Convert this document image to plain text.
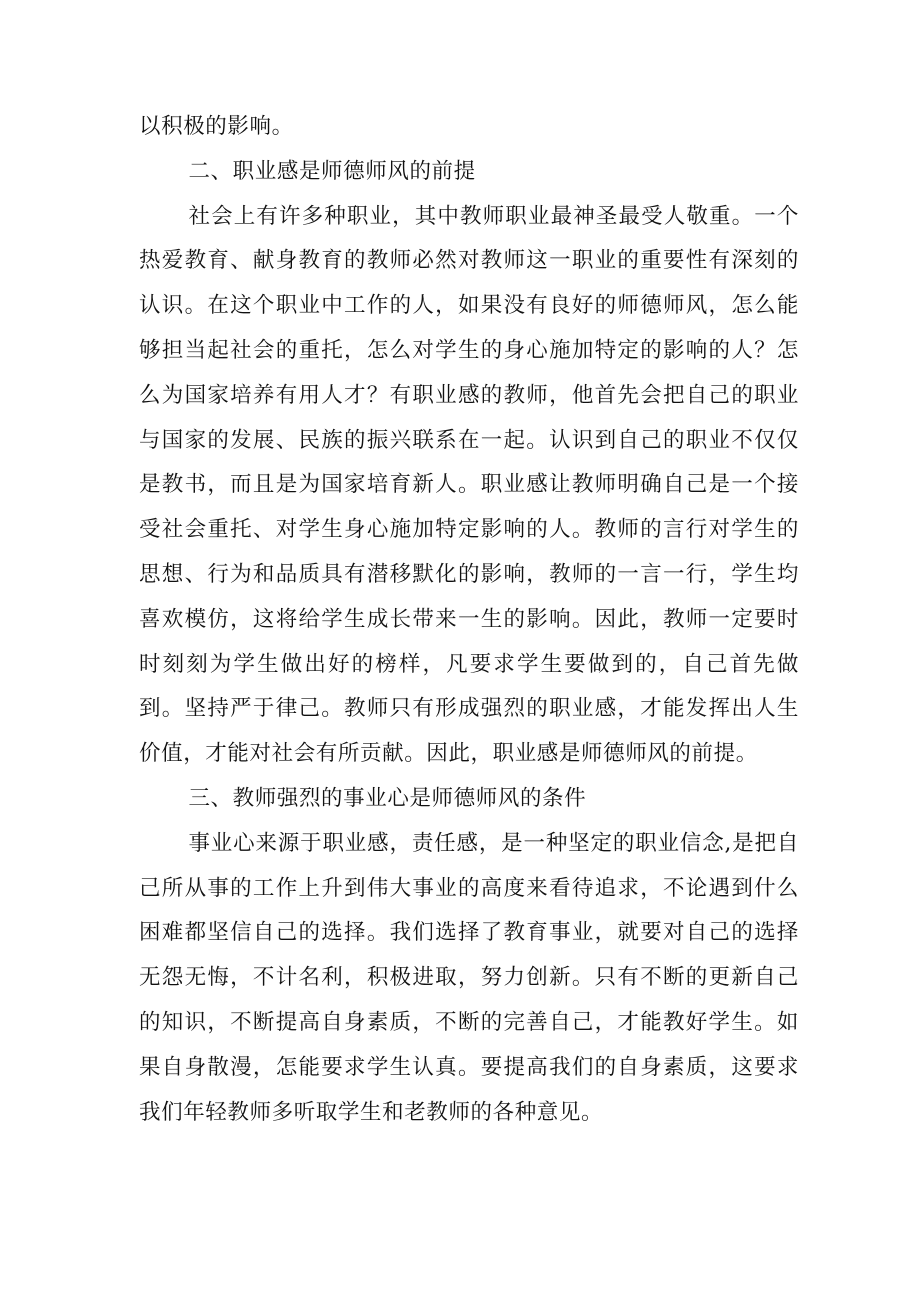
以积极的影响。

二、职业感是师德师风的前提

社会上有许多种职业，其中教师职业最神圣最受人敬重。一个热爱教育、献身教育的教师必然对教师这一职业的重要性有深刻的认识。在这个职业中工作的人，如果没有良好的师德师风，怎么能够担当起社会的重托，怎么对学生的身心施加特定的影响的人？怎么为国家培养有用人才？有职业感的教师，他首先会把自己的职业与国家的发展、民族的振兴联系在一起。认识到自己的职业不仅仅是教书，而且是为国家培育新人。职业感让教师明确自己是一个接受社会重托、对学生身心施加特定影响的人。教师的言行对学生的思想、行为和品质具有潜移默化的影响，教师的一言一行，学生均喜欢模仿，这将给学生成长带来一生的影响。因此，教师一定要时时刻刻为学生做出好的榜样，凡要求学生要做到的，自己首先做到。坚持严于律己。教师只有形成强烈的职业感，才能发挥出人生价值，才能对社会有所贡献。因此，职业感是师德师风的前提。

三、教师强烈的事业心是师德师风的条件

事业心来源于职业感，责任感，是一种坚定的职业信念,是把自己所从事的工作上升到伟大事业的高度来看待追求，不论遇到什么困难都坚信自己的选择。我们选择了教育事业，就要对自己的选择无怨无悔，不计名利，积极进取，努力创新。只有不断的更新自己的知识，不断提高自身素质，不断的完善自己，才能教好学生。如果自身散漫，怎能要求学生认真。要提高我们的自身素质，这要求我们年轻教师多听取学生和老教师的各种意见。
